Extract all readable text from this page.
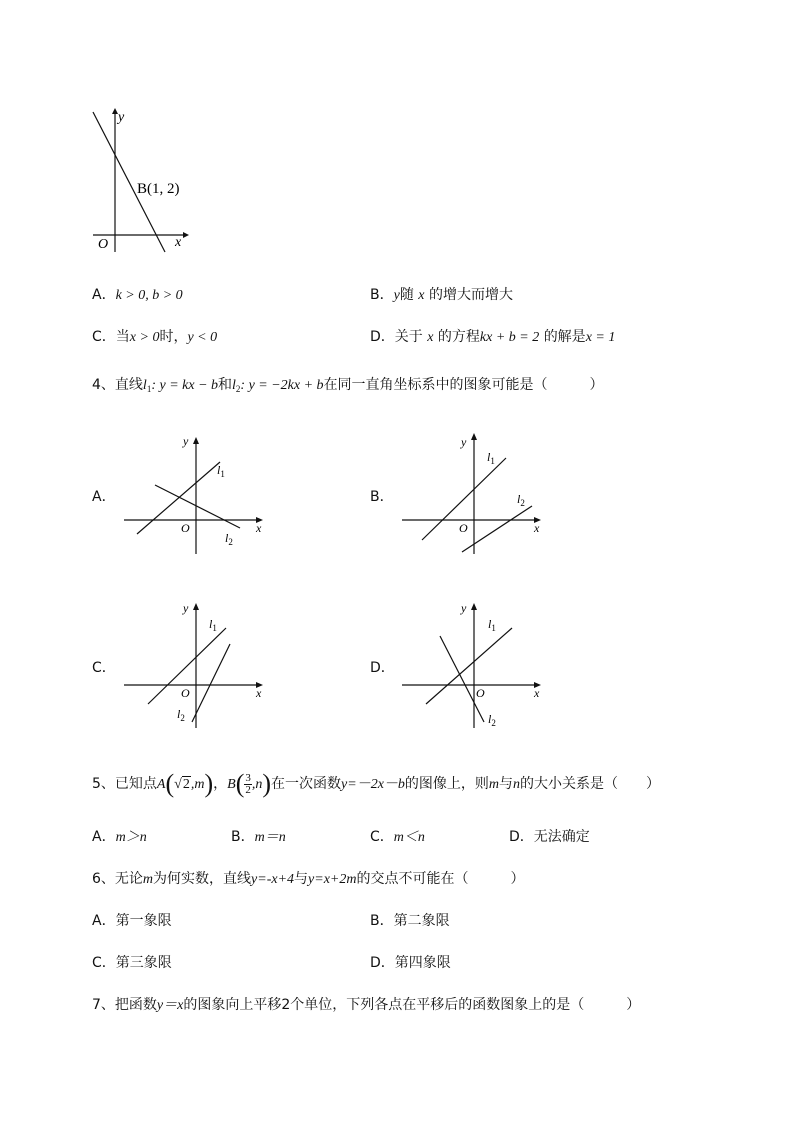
y
x
O
B(1, 2)
A．k > 0, b > 0	B．y随 x 的增大而增大
C．当x > 0时，y < 0	D．关于 x 的方程kx + b = 2 的解是x = 1
4、直线$l_1$: y = kx − b和$l_2$: y = −2kx + b在同一直角坐标系中的图象可能是（　　　）
A．	B．
C．	D．
y
x
O
$l_1$
$l_2$
y
x
O
$l_1$
$l_2$
y
x
O
$l_1$
$l_2$
y
x
O
$l_1$
$l_2$
5、已知点A(√2,m)，$B( \frac{3}{2} ,n)$在一次函数y=－2x－b的图像上，则m与n的大小关系是（　　）
A．m＞n	B．m＝n	C．m＜n	D．无法确定
6、无论m为何实数，直线y=-x+4与y=x+2m的交点不可能在（　　　）
A．第一象限	B．第二象限
C．第三象限	D．第四象限
7、把函数y＝x的图象向上平移2个单位，下列各点在平移后的函数图象上的是（　　　）
